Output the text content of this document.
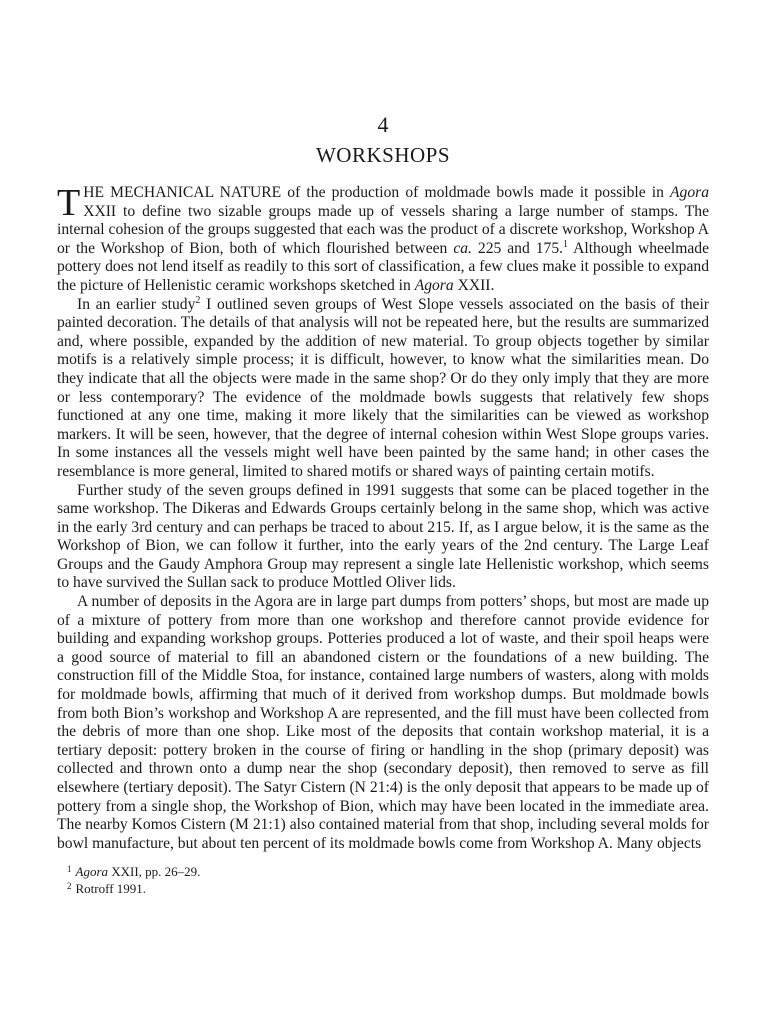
4
WORKSHOPS

THE MECHANICAL NATURE of the production of moldmade bowls made it possible in Agora XXII to define two sizable groups made up of vessels sharing a large number of stamps. The internal cohesion of the groups suggested that each was the product of a discrete workshop, Workshop A or the Workshop of Bion, both of which flourished between ca. 225 and 175.$^1$ Although wheelmade pottery does not lend itself as readily to this sort of classification, a few clues make it possible to expand the picture of Hellenistic ceramic workshops sketched in Agora XXII.

In an earlier study$^2$ I outlined seven groups of West Slope vessels associated on the basis of their painted decoration. The details of that analysis will not be repeated here, but the results are summarized and, where possible, expanded by the addition of new material. To group objects together by similar motifs is a relatively simple process; it is difficult, however, to know what the similarities mean. Do they indicate that all the objects were made in the same shop? Or do they only imply that they are more or less contemporary? The evidence of the moldmade bowls suggests that relatively few shops functioned at any one time, making it more likely that the similarities can be viewed as workshop markers. It will be seen, however, that the degree of internal cohesion within West Slope groups varies. In some instances all the vessels might well have been painted by the same hand; in other cases the resemblance is more general, limited to shared motifs or shared ways of painting certain motifs.

Further study of the seven groups defined in 1991 suggests that some can be placed together in the same workshop. The Dikeras and Edwards Groups certainly belong in the same shop, which was active in the early 3rd century and can perhaps be traced to about 215. If, as I argue below, it is the same as the Workshop of Bion, we can follow it further, into the early years of the 2nd century. The Large Leaf Groups and the Gaudy Amphora Group may represent a single late Hellenistic workshop, which seems to have survived the Sullan sack to produce Mottled Oliver lids.

A number of deposits in the Agora are in large part dumps from potters’ shops, but most are made up of a mixture of pottery from more than one workshop and therefore cannot provide evidence for building and expanding workshop groups. Potteries produced a lot of waste, and their spoil heaps were a good source of material to fill an abandoned cistern or the foundations of a new building. The construction fill of the Middle Stoa, for instance, contained large numbers of wasters, along with molds for moldmade bowls, affirming that much of it derived from workshop dumps. But moldmade bowls from both Bion’s workshop and Workshop A are represented, and the fill must have been collected from the debris of more than one shop. Like most of the deposits that contain workshop material, it is a tertiary deposit: pottery broken in the course of firing or handling in the shop (primary deposit) was collected and thrown onto a dump near the shop (secondary deposit), then removed to serve as fill elsewhere (tertiary deposit). The Satyr Cistern (N 21:4) is the only deposit that appears to be made up of pottery from a single shop, the Workshop of Bion, which may have been located in the immediate area. The nearby Komos Cistern (M 21:1) also contained material from that shop, including several molds for bowl manufacture, but about ten percent of its moldmade bowls come from Workshop A. Many objects

$^1$ Agora XXII, pp. 26–29.
$^2$ Rotroff 1991.
